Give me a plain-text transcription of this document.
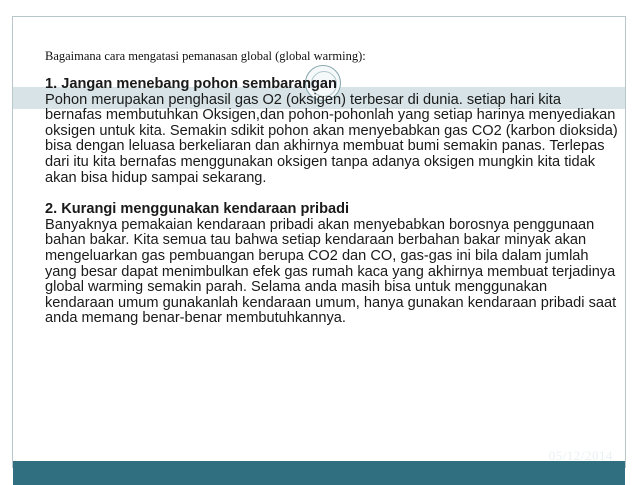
Bagaimana cara mengatasi pemanasan global (global warming):

1. Jangan menebang pohon sembarangan

Pohon merupakan penghasil gas O2 (oksigen) terbesar di dunia. setiap hari kita bernafas membutuhkan Oksigen,dan pohon-pohonlah yang setiap harinya menyediakan oksigen untuk kita. Semakin sdikit pohon akan menyebabkan gas CO2 (karbon dioksida) bisa dengan leluasa berkeliaran dan akhirnya membuat bumi semakin panas. Terlepas dari itu kita bernafas menggunakan oksigen tanpa adanya oksigen mungkin kita tidak akan bisa hidup sampai sekarang.

2. Kurangi menggunakan kendaraan pribadi

Banyaknya pemakaian kendaraan pribadi akan menyebabkan borosnya penggunaan bahan bakar. Kita semua tau bahwa setiap kendaraan berbahan bakar minyak akan mengeluarkan gas pembuangan berupa CO2 dan CO, gas-gas ini bila dalam jumlah yang besar dapat menimbulkan efek gas rumah kaca yang akhirnya membuat terjadinya global warming semakin parah. Selama anda masih bisa untuk menggunakan kendaraan umum gunakanlah kendaraan umum, hanya gunakan kendaraan pribadi saat anda memang benar-benar membutuhkannya.

05/12/2014
